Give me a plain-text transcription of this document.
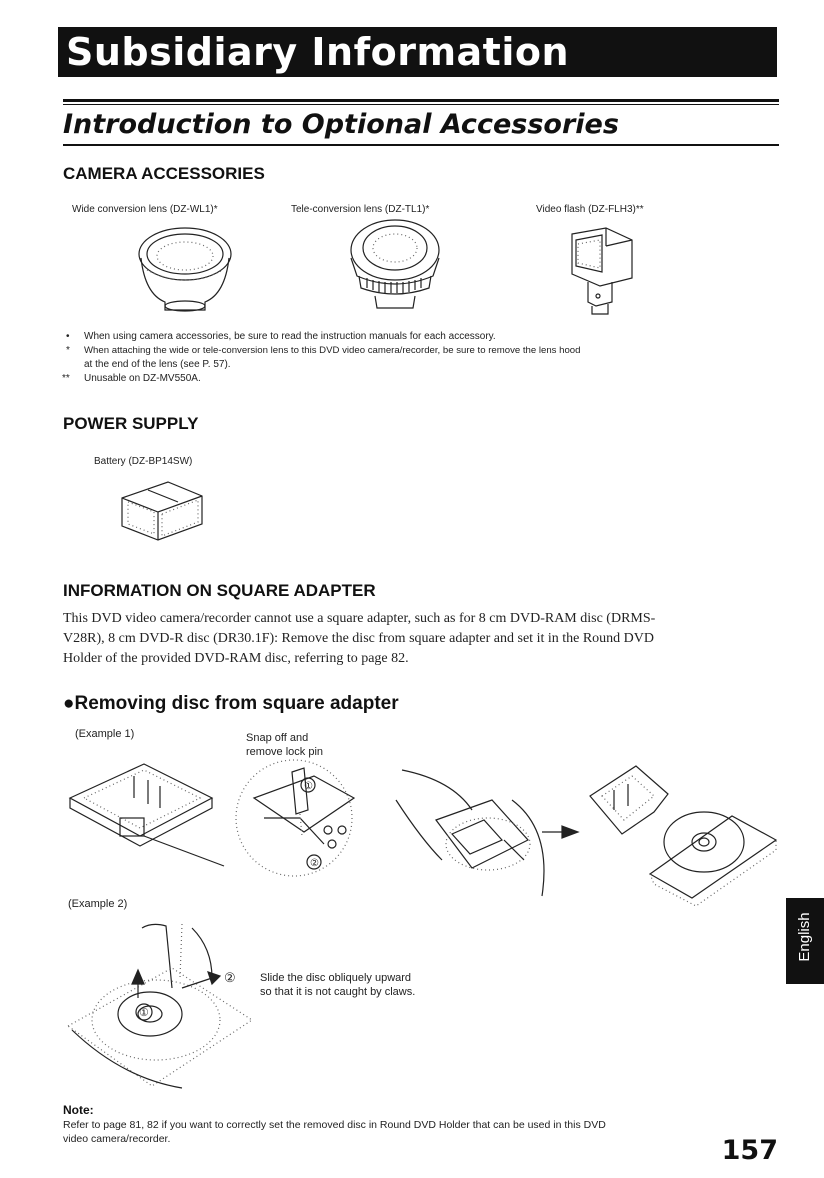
Subsidiary Information
Introduction to Optional Accessories
CAMERA ACCESSORIES
Wide conversion lens (DZ-WL1)*	Tele-conversion lens (DZ-TL1)*	Video flash (DZ-FLH3)**
• When using camera accessories, be sure to read the instruction manuals for each accessory.
* When attaching the wide or tele-conversion lens to this DVD video camera/recorder, be sure to remove the lens hood
at the end of the lens (see P. 57).
** Unusable on DZ-MV550A.
POWER SUPPLY
Battery (DZ-BP14SW)
INFORMATION ON SQUARE ADAPTER
This DVD video camera/recorder cannot use a square adapter, such as for 8 cm DVD-RAM disc (DRMS-
V28R), 8 cm DVD-R disc (DR30.1F): Remove the disc from square adapter and set it in the Round DVD
Holder of the provided DVD-RAM disc, referring to page 82.
●Removing disc from square adapter
(Example 1)	Snap off and
remove lock pin
①
②
(Example 2)
①
② Slide the disc obliquely upward
so that it is not caught by claws.
Note:
Refer to page 81, 82 if you want to correctly set the removed disc in Round DVD Holder that can be used in this DVD
video camera/recorder.
English
157
